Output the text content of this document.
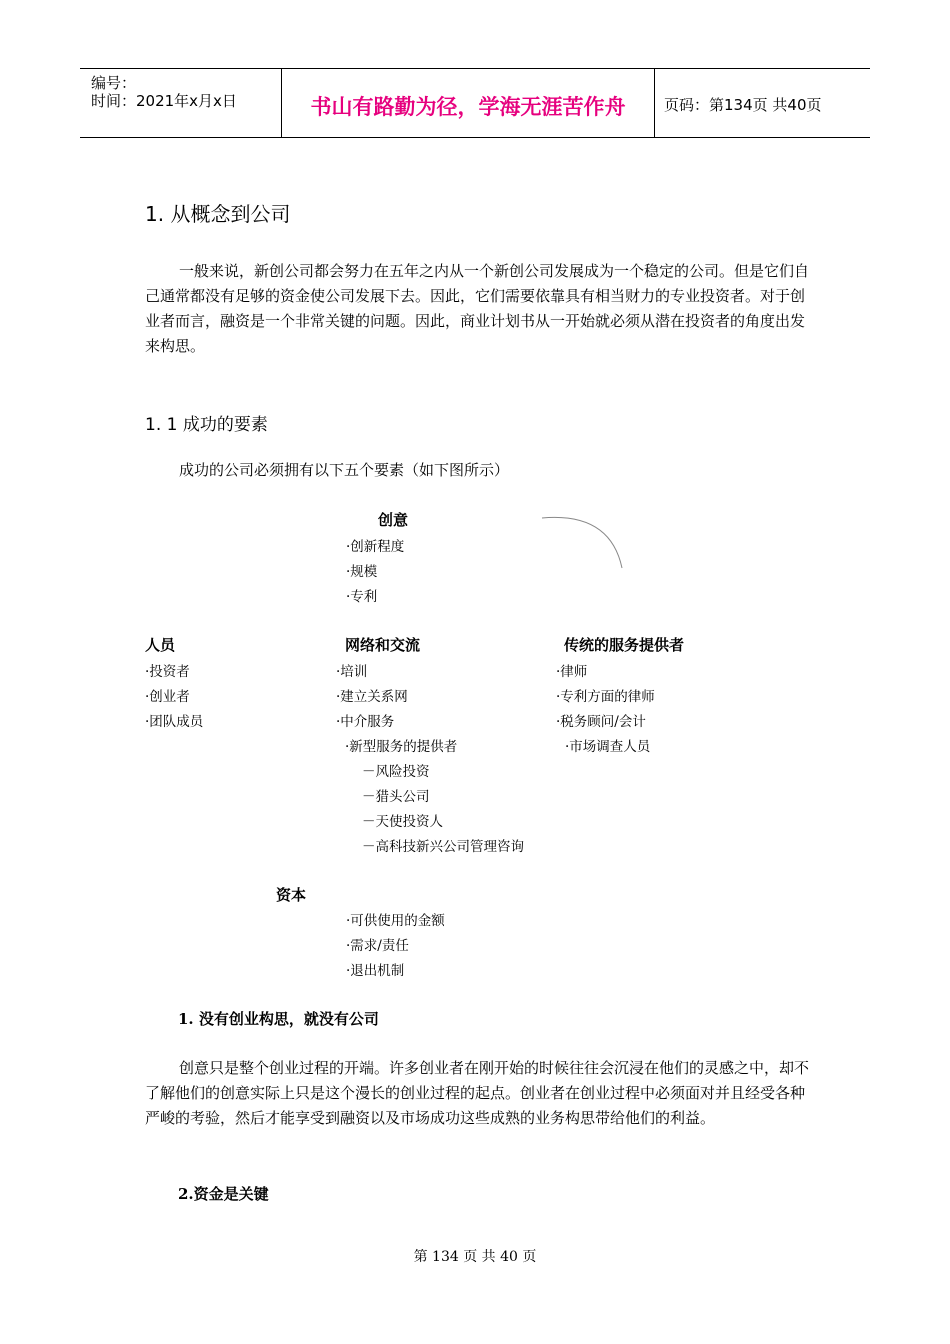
编号：
时间：2021年x月x日	书山有路勤为径，学海无涯苦作舟	页码：第134页 共40页
1. 从概念到公司
一般来说，新创公司都会努力在五年之内从一个新创公司发展成为一个稳定的公司。但是它们自己通常都没有足够的资金使公司发展下去。因此，它们需要依靠具有相当财力的专业投资者。对于创业者而言，融资是一个非常关键的问题。因此，商业计划书从一开始就必须从潜在投资者的角度出发来构思。
1. 1 成功的要素
成功的公司必须拥有以下五个要素（如下图所示）
创意
·创新程度
·规模
·专利
人员
·投资者
·创业者
·团队成员
网络和交流
·培训
·建立关系网
·中介服务
·新型服务的提供者
－风险投资
－猎头公司
－天使投资人
－高科技新兴公司管理咨询
传统的服务提供者
·律师
·专利方面的律师
·税务顾问/会计
·市场调查人员
资本
·可供使用的金额
·需求/责任
·退出机制
1. 没有创业构思，就没有公司
创意只是整个创业过程的开端。许多创业者在刚开始的时候往往会沉浸在他们的灵感之中，却不了解他们的创意实际上只是这个漫长的创业过程的起点。创业者在创业过程中必须面对并且经受各种严峻的考验，然后才能享受到融资以及市场成功这些成熟的业务构思带给他们的利益。
2.资金是关键
第 134 页 共 40 页
